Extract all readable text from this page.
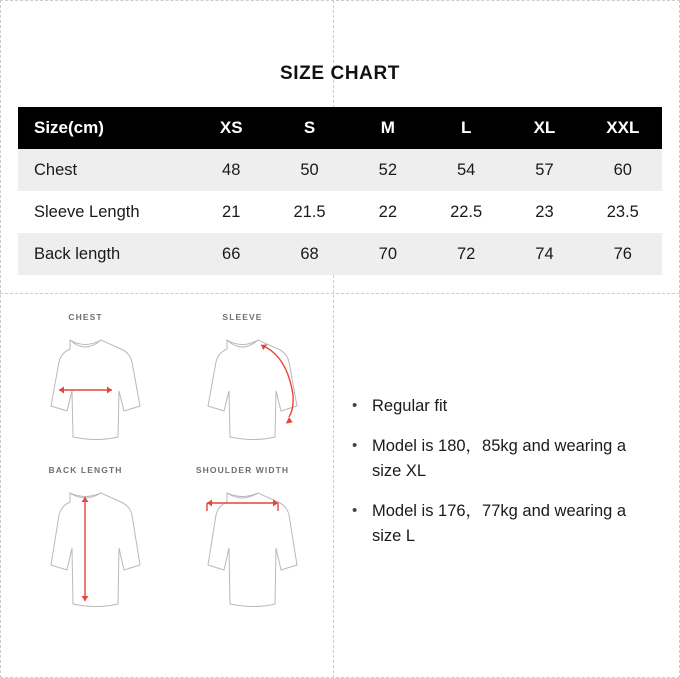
SIZE CHART
Size(cm)	XS	S	M	L	XL	XXL
Chest	48	50	52	54	57	60
Sleeve Length	21	21.5	22	22.5	23	23.5
Back length	66	68	70	72	74	76
CHEST	SLEEVE
BACK LENGTH	SHOULDER WIDTH
• Regular fit
• Model is 180，85kg and wearing a size XL
• Model is 176，77kg and wearing a size L
